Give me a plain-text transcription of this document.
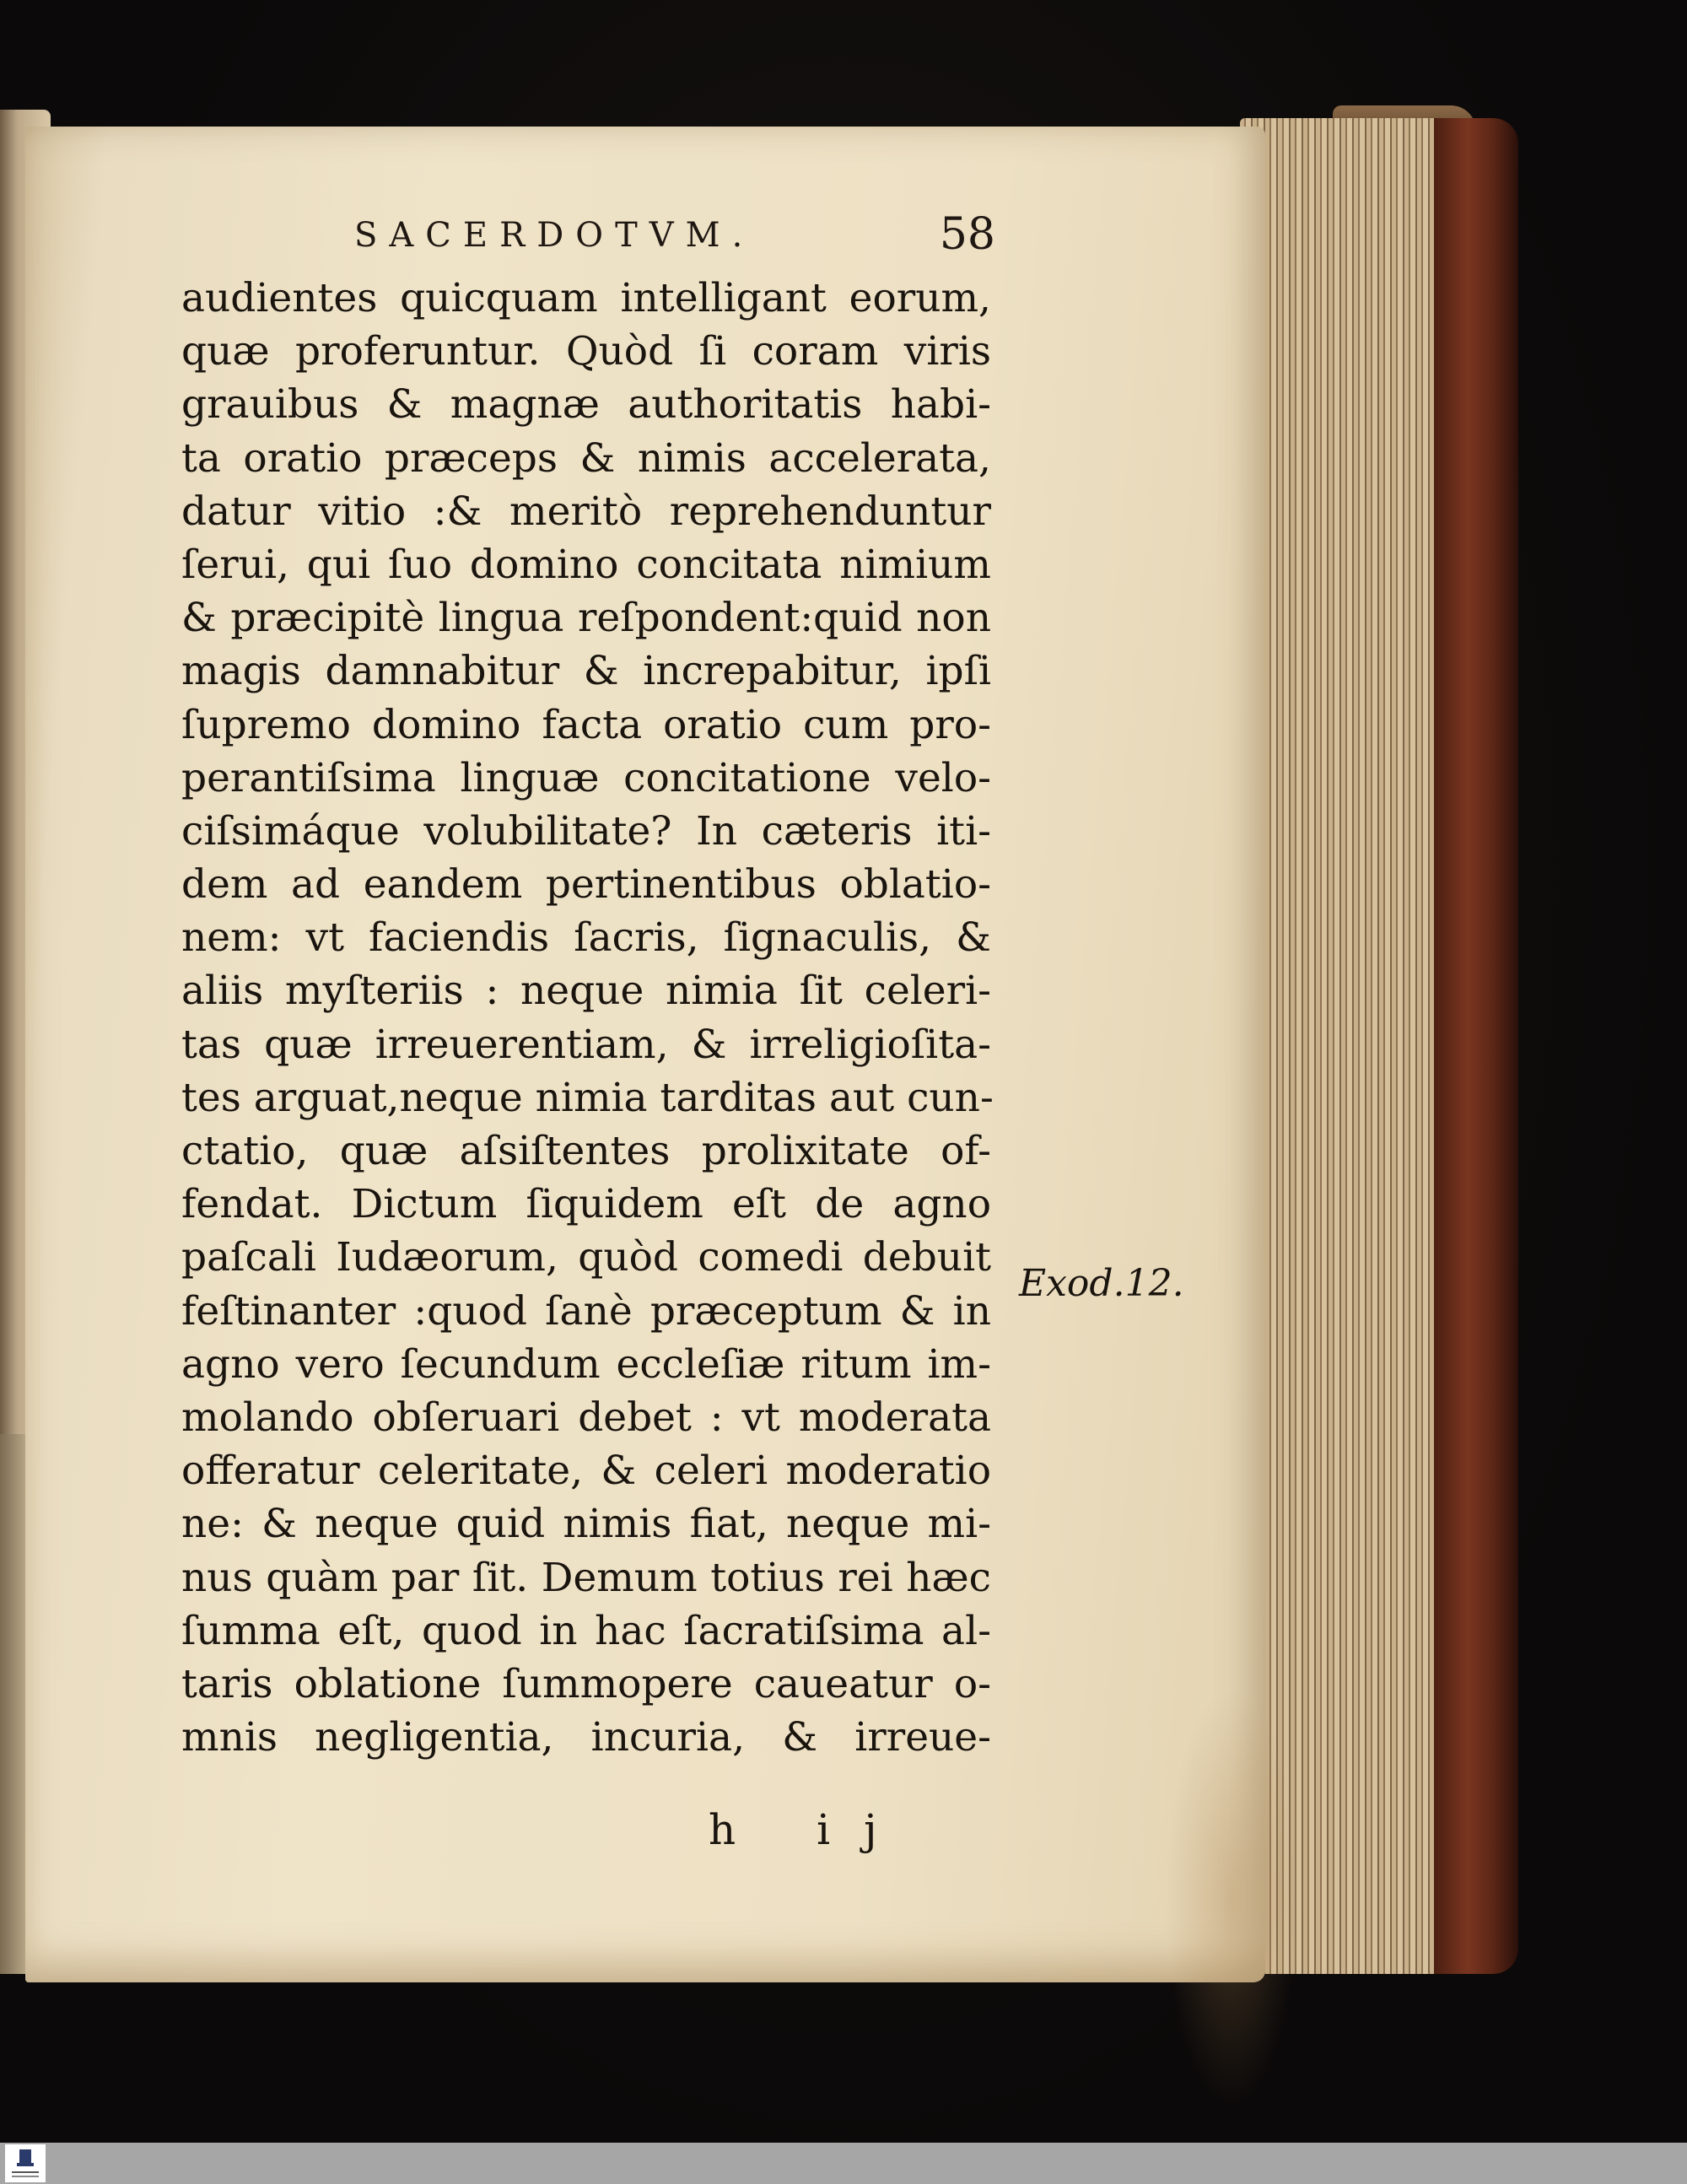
SACERDOTVM.	58
audientes quicquam intelligant eorum,
quæ proferuntur. Quòd ſi coram viris
grauibus & magnæ authoritatis habi-
ta oratio præceps & nimis accelerata,
datur vitio :& meritò reprehenduntur
ſerui, qui ſuo domino concitata nimium
& præcipitè lingua reſpondent:quid non
magis damnabitur & increpabitur, ipſi
ſupremo domino facta oratio cum pro-
perantiſsima linguæ concitatione velo-
ciſsimáque volubilitate? In cæteris iti-
dem ad eandem pertinentibus oblatio-
nem: vt faciendis ſacris, ſignaculis, &
aliis myſteriis : neque nimia ſit celeri-
tas quæ irreuerentiam, & irreligioſita-
tes arguat,neque nimia tarditas aut cun-
ctatio, quæ aſsiſtentes prolixitate of-
fendat. Dictum ſiquidem eſt de agno
paſcali Iudæorum, quòd comedi debuit
feſtinanter :quod ſanè præceptum & in
agno vero ſecundum eccleſiæ ritum im-
molando obſeruari debet : vt moderata
offeratur celeritate, & celeri moderatio
ne: & neque quid nimis fiat, neque mi-
nus quàm par ſit. Demum totius rei hæc
ſumma eſt, quod in hac ſacratiſsima al-
taris oblatione ſummopere caueatur o-
mnis negligentia, incuria, & irreue-
h ij
Exod.12.
